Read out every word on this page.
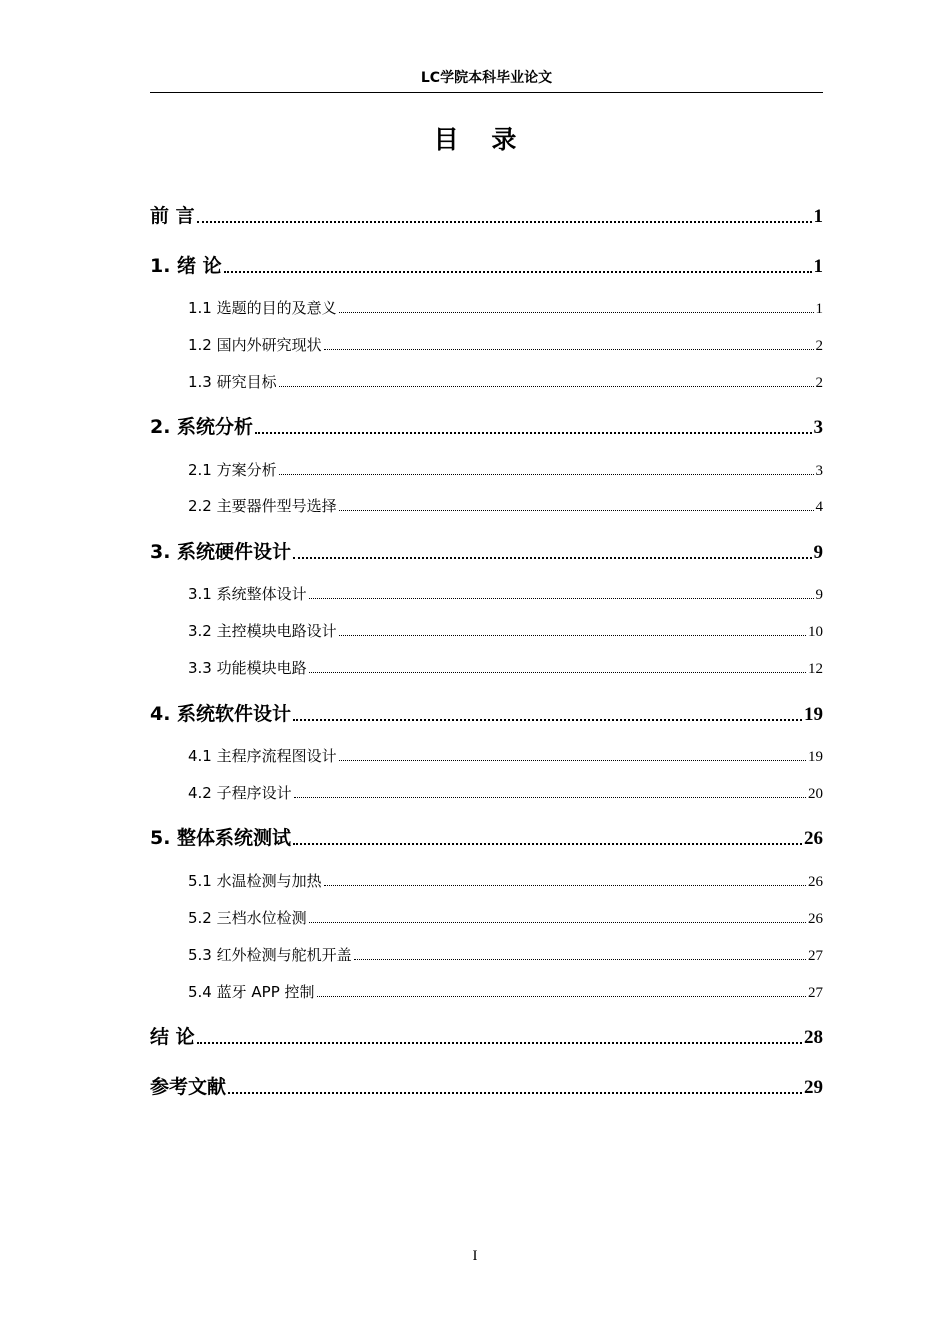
LC学院本科毕业论文
目 录
前 言	1
1. 绪 论	1
1.1 选题的目的及意义	1
1.2 国内外研究现状	2
1.3 研究目标	2
2. 系统分析	3
2.1 方案分析	3
2.2 主要器件型号选择	4
3. 系统硬件设计	9
3.1 系统整体设计	9
3.2 主控模块电路设计	10
3.3 功能模块电路	12
4. 系统软件设计	19
4.1 主程序流程图设计	19
4.2 子程序设计	20
5. 整体系统测试	26
5.1 水温检测与加热	26
5.2 三档水位检测	26
5.3 红外检测与舵机开盖	27
5.4 蓝牙 APP 控制	27
结 论	28
参考文献	29
I
